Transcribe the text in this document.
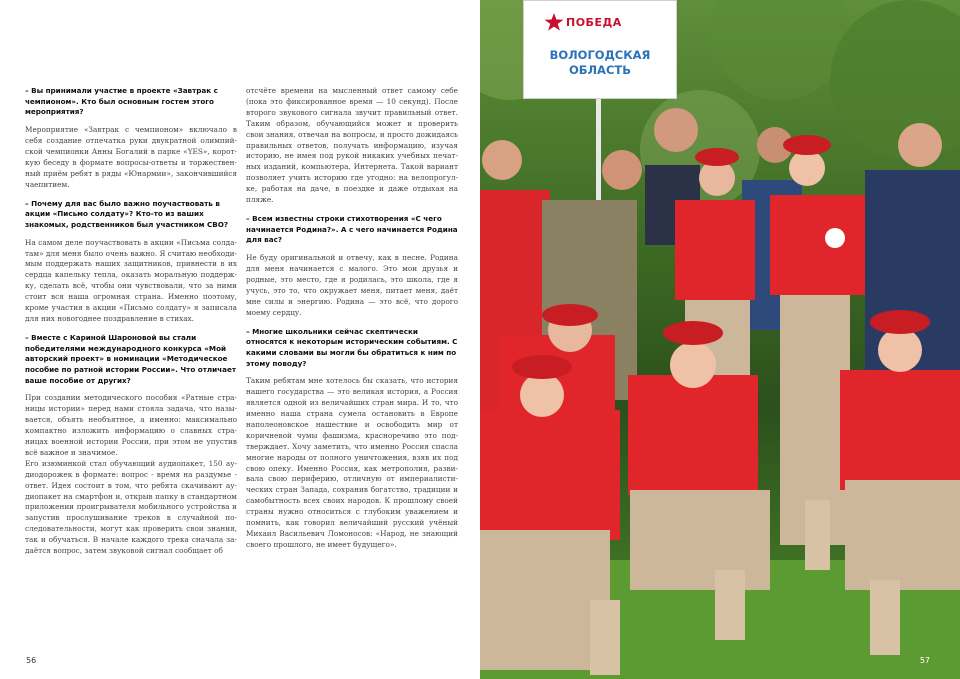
– Вы принимали участие в проекте «Завтрак с чемпионом». Кто был основным гостем этого мероприятия?
Мероприятие «Завтрак с чемпионом» включало в себя создание отпечатка руки двукратной олимпийской чемпионки Анны Богалий в парке «YES», короткую беседу в формате вопросы-ответы и торжественный приём ребят в ряды «Юнармии», закончившийся чаепитием.
– Почему для вас было важно поучаствовать в акции «Письмо солдату»? Кто-то из ваших знакомых, родственников был участником СВО?
На самом деле поучаствовать в акции «Письма солдатам» для меня было очень важно. Я считаю необходимым поддержать наших защитников, привнести в их сердца капельку тепла, оказать моральную поддержку, сделать всё, чтобы они чувствовали, что за ними стоит вся наша огромная страна. Именно поэтому, кроме участия в акции «Письмо солдату» я записала для них новогоднее поздравление в стихах.
– Вместе с Кариной Шароновой вы стали победителями международного конкурса «Мой авторский проект» в номинации «Методическое пособие по ратной истории России». Что отличает ваше пособие от других?
При создании методического пособия «Ратные страницы истории» перед нами стояла задача, что называется, объять необъятное, а именно: максимально компактно изложить информацию о славных страницах военной истории России, при этом не упустив всё важное и значимое.
Его изюминкой стал обучающий аудиопакет, 150 аудиодорожек в формате: вопрос - время на раздумье - ответ. Идея состоит в том, что ребята скачивают аудиопакет на смартфон и, открыв папку в стандартном приложении проигрывателя мобильного устройства и запустив прослушивание треков в случайной последовательности, могут как проверить свои знания, так и обучаться. В начале каждого трека сначала задаётся вопрос, затем звуковой сигнал сообщает об
отсчёте времени на мысленный ответ самому себе (пока это фиксированное время — 10 секунд). После второго звукового сигнала звучит правильный ответ. Таким образом, обучающийся может и проверить свои знания, отвечая на вопросы, и просто дожидаясь правильных ответов, получать информацию, изучая историю, не имея под рукой никаких учебных печатных изданий, компьютера, Интернета. Такой вариант позволяет учить историю где угодно: на велопрогулке, работая на даче, в поездке и даже отдыхая на пляже.
– Всем известны строки стихотворения «С чего начинается Родина?». А с чего начинается Родина для вас?
Не буду оригинальной и отвечу, как в песне. Родина для меня начинается с малого. Это мои друзья и родные, это место, где я родилась, это школа, где я учусь, это то, что окружает меня, питает меня, даёт мне силы и энергию. Родина — это всё, что дорого моему сердцу.
– Многие школьники сейчас скептически относятся к некоторым историческим событиям. С какими словами вы могли бы обратиться к ним по этому поводу?
Таким ребятам мне хотелось бы сказать, что история нашего государства — это великая история, а Россия является одной из величайших стран мира. И то, что именно наша страна сумела остановить в Европе наполеоновское нашествие и освободить мир от коричневой чумы фашизма, красноречиво это подтверждает. Хочу заметить, что именно Россия спасла многие народы от полного уничтожения, взяв их под свою опеку. Именно Россия, как метрополия, развивала свою периферию, отличную от империалистических стран Запада, сохранив богатство, традиции и самобытность всех своих народов. К прошлому своей страны нужно относиться с глубоким уважением и помнить, как говорил величайший русский учёный Михаил Васильевич Ломоносов: «Народ, не знающий своего прошлого, не имеет будущего».
56
ПОБЕДА
ВОЛОГОДСКАЯ
ОБЛАСТЬ
57
